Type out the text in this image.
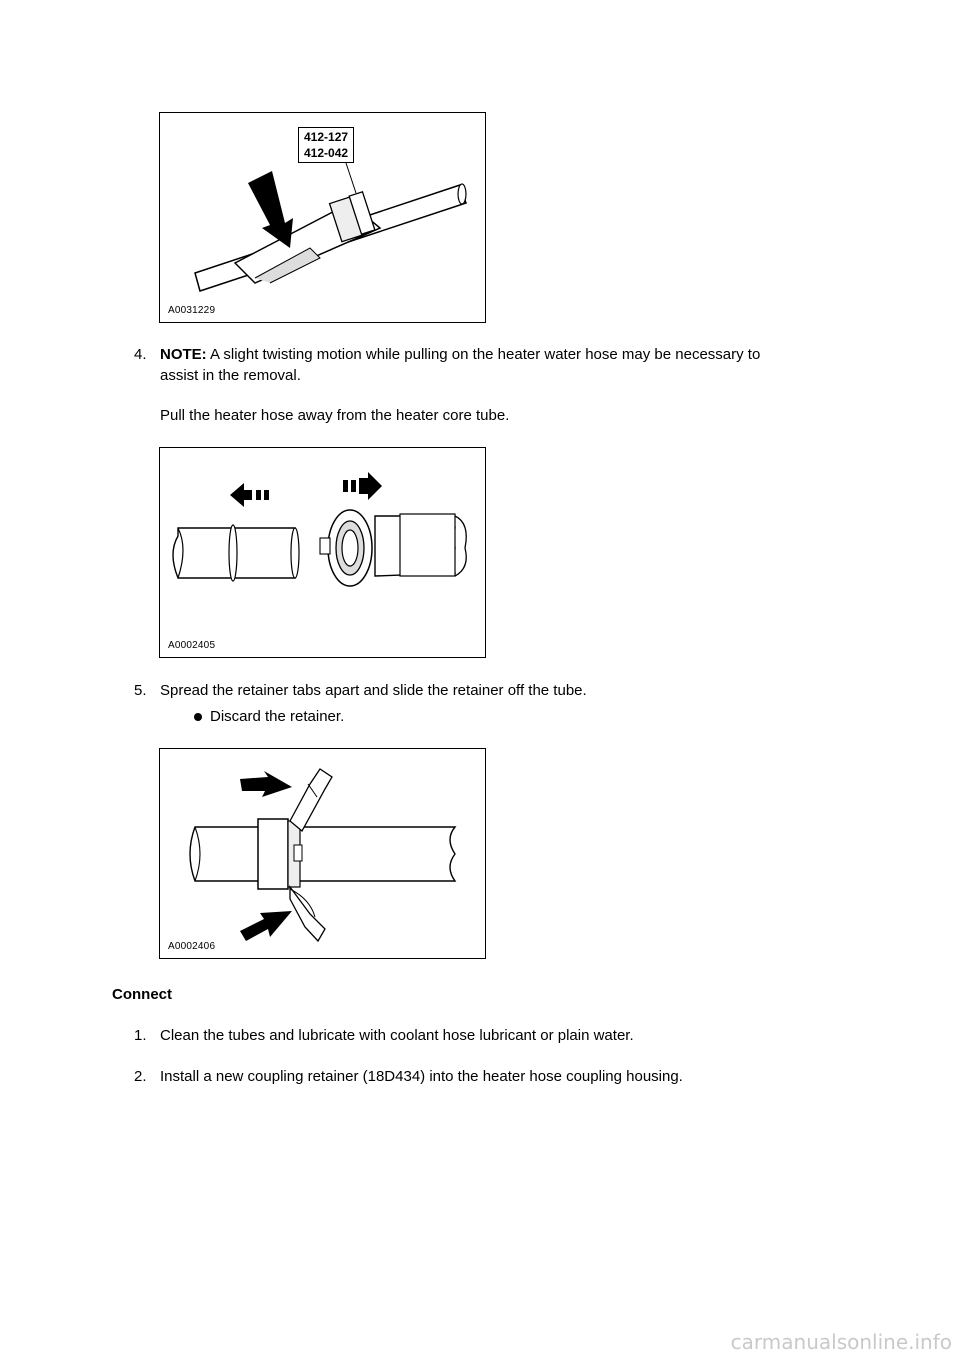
412-127
412-042
A0031229
4. NOTE: A slight twisting motion while pulling on the heater water hose may be necessary to
assist in the removal.
Pull the heater hose away from the heater core tube.
A0002405
5. Spread the retainer tabs apart and slide the retainer off the tube.
Discard the retainer.
A0002406
Connect
1. Clean the tubes and lubricate with coolant hose lubricant or plain water.
2. Install a new coupling retainer (18D434) into the heater hose coupling housing.
carmanualsonline.info
